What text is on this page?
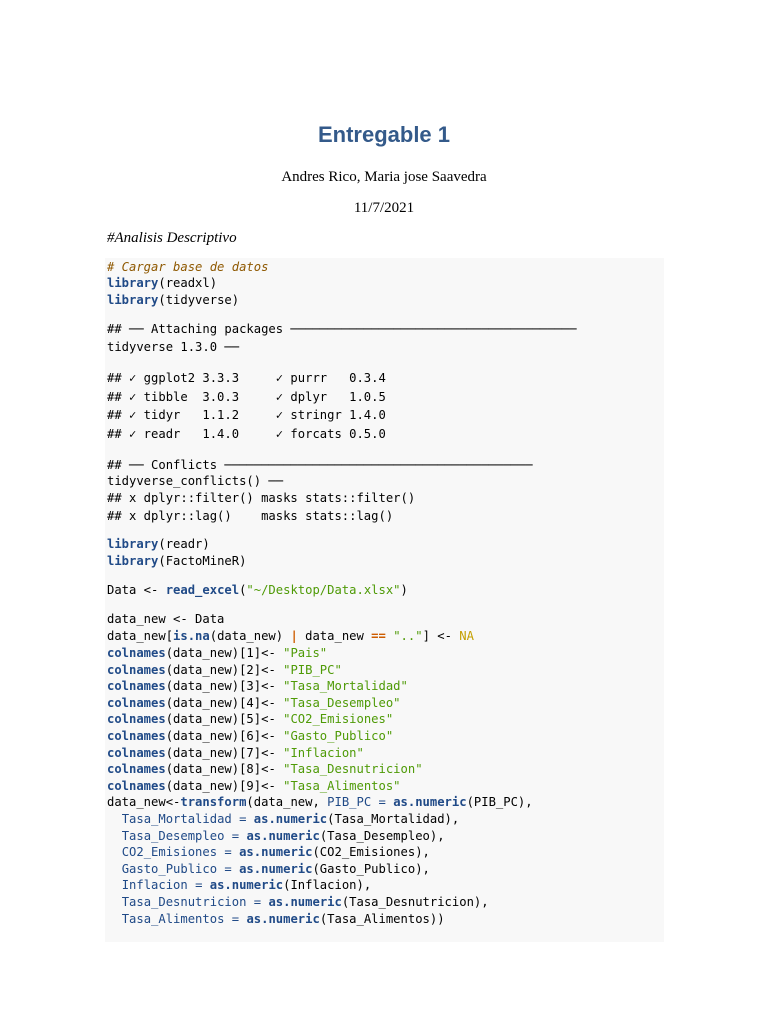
Entregable 1
Andres Rico, Maria jose Saavedra
11/7/2021
#Analisis Descriptivo
# Cargar base de datos
library(readxl)
library(tidyverse)
## ── Attaching packages ───────────────────────────────────────
tidyverse 1.3.0 ──
## ✓ ggplot2 3.3.3     ✓ purrr   0.3.4
## ✓ tibble  3.0.3     ✓ dplyr   1.0.5
## ✓ tidyr   1.1.2     ✓ stringr 1.4.0
## ✓ readr   1.4.0     ✓ forcats 0.5.0
## ── Conflicts ──────────────────────────────────────────
tidyverse_conflicts() ──
## x dplyr::filter() masks stats::filter()
## x dplyr::lag()    masks stats::lag()
library(readr)
library(FactoMineR)
Data <- read_excel("~/Desktop/Data.xlsx")
data_new <- Data
data_new[is.na(data_new) | data_new == ".."] <- NA
colnames(data_new)[1]<- "Pais"
colnames(data_new)[2]<- "PIB_PC"
colnames(data_new)[3]<- "Tasa_Mortalidad"
colnames(data_new)[4]<- "Tasa_Desempleo"
colnames(data_new)[5]<- "CO2_Emisiones"
colnames(data_new)[6]<- "Gasto_Publico"
colnames(data_new)[7]<- "Inflacion"
colnames(data_new)[8]<- "Tasa_Desnutricion"
colnames(data_new)[9]<- "Tasa_Alimentos"
data_new<-transform(data_new, PIB_PC = as.numeric(PIB_PC),
Tasa_Mortalidad = as.numeric(Tasa_Mortalidad),
Tasa_Desempleo = as.numeric(Tasa_Desempleo),
CO2_Emisiones = as.numeric(CO2_Emisiones),
Gasto_Publico = as.numeric(Gasto_Publico),
Inflacion = as.numeric(Inflacion),
Tasa_Desnutricion = as.numeric(Tasa_Desnutricion),
Tasa_Alimentos = as.numeric(Tasa_Alimentos))
